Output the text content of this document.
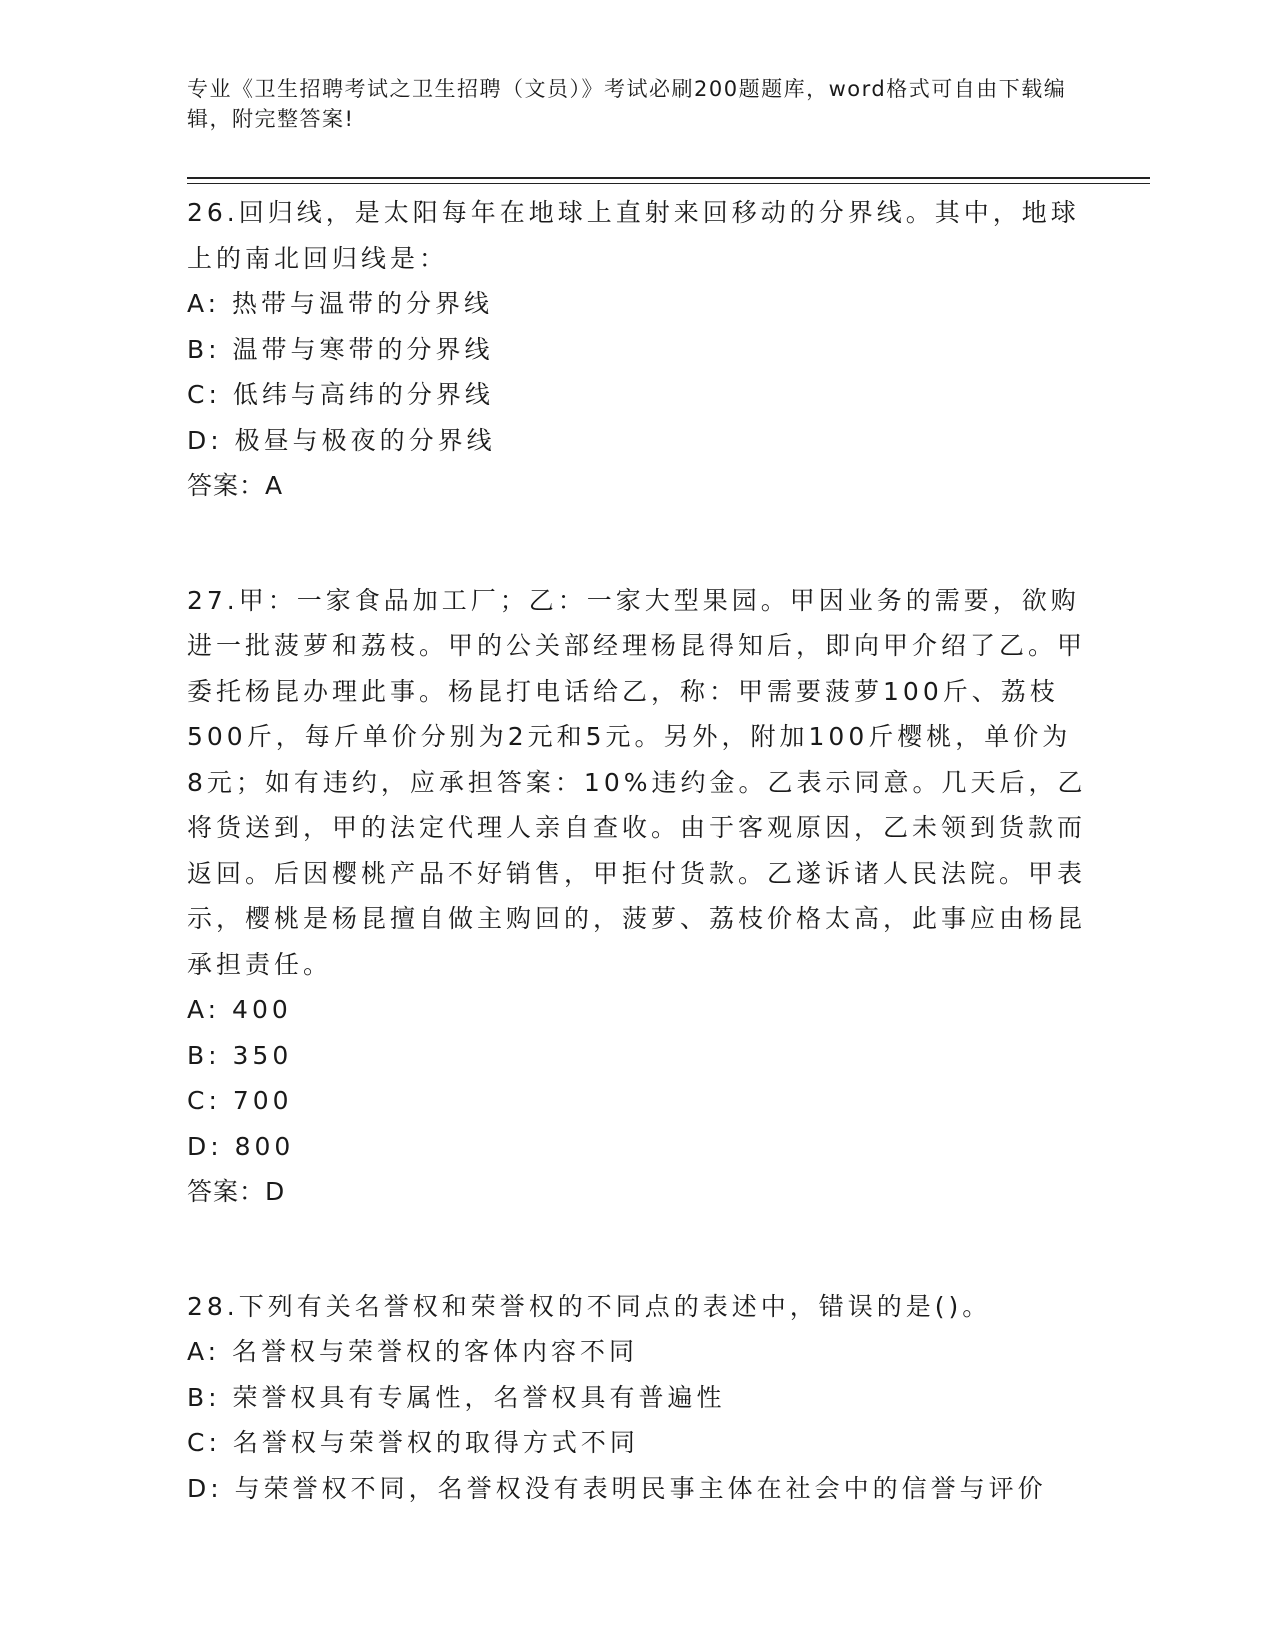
专业《卫生招聘考试之卫生招聘（文员）》考试必刷200题题库，word格式可自由下载编辑，附完整答案!
26.回归线，是太阳每年在地球上直射来回移动的分界线。其中，地球上的南北回归线是：
A: 热带与温带的分界线
B: 温带与寒带的分界线
C: 低纬与高纬的分界线
D: 极昼与极夜的分界线
答案：A
27.甲：一家食品加工厂；乙：一家大型果园。甲因业务的需要，欲购进一批菠萝和荔枝。甲的公关部经理杨昆得知后，即向甲介绍了乙。甲委托杨昆办理此事。杨昆打电话给乙，称：甲需要菠萝100斤、荔枝500斤，每斤单价分别为2元和5元。另外，附加100斤樱桃，单价为8元；如有违约，应承担答案：10%违约金。乙表示同意。几天后，乙将货送到，甲的法定代理人亲自查收。由于客观原因，乙未领到货款而返回。后因樱桃产品不好销售，甲拒付货款。乙遂诉诸人民法院。甲表示，樱桃是杨昆擅自做主购回的，菠萝、荔枝价格太高，此事应由杨昆承担责任。
A: 400
B: 350
C: 700
D: 800
答案：D
28.下列有关名誉权和荣誉权的不同点的表述中，错误的是()。
A: 名誉权与荣誉权的客体内容不同
B: 荣誉权具有专属性，名誉权具有普遍性
C: 名誉权与荣誉权的取得方式不同
D: 与荣誉权不同，名誉权没有表明民事主体在社会中的信誉与评价
